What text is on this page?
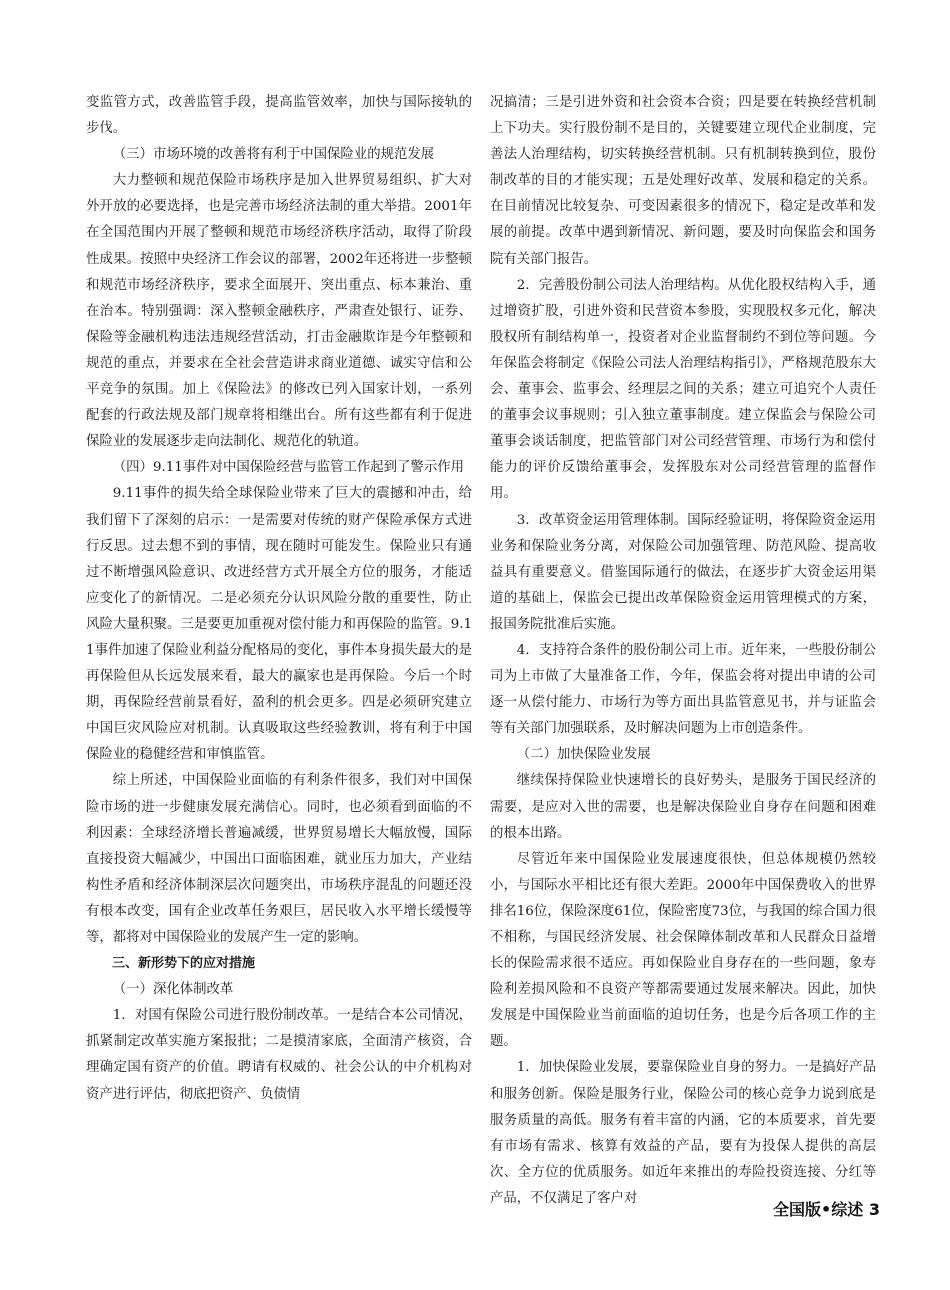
变监管方式，改善监管手段，提高监管效率，加快与国际接轨的步伐。

（三）市场环境的改善将有利于中国保险业的规范发展

大力整顿和规范保险市场秩序是加入世界贸易组织、扩大对外开放的必要选择，也是完善市场经济法制的重大举措。2001年在全国范围内开展了整顿和规范市场经济秩序活动，取得了阶段性成果。按照中央经济工作会议的部署，2002年还将进一步整顿和规范市场经济秩序，要求全面展开、突出重点、标本兼治、重在治本。特别强调：深入整顿金融秩序，严肃查处银行、证券、保险等金融机构违法违规经营活动，打击金融欺诈是今年整顿和规范的重点，并要求在全社会营造讲求商业道德、诚实守信和公平竞争的氛围。加上《保险法》的修改已列入国家计划，一系列配套的行政法规及部门规章将相继出台。所有这些都有利于促进保险业的发展逐步走向法制化、规范化的轨道。

（四）9.11事件对中国保险经营与监管工作起到了警示作用

9.11事件的损失给全球保险业带来了巨大的震撼和冲击，给我们留下了深刻的启示：一是需要对传统的财产保险承保方式进行反思。过去想不到的事情，现在随时可能发生。保险业只有通过不断增强风险意识、改进经营方式开展全方位的服务，才能适应变化了的新情况。二是必须充分认识风险分散的重要性，防止风险大量积聚。三是要更加重视对偿付能力和再保险的监管。9.11事件加速了保险业利益分配格局的变化，事件本身损失最大的是再保险但从长远发展来看，最大的赢家也是再保险。今后一个时期，再保险经营前景看好，盈利的机会更多。四是必须研究建立中国巨灾风险应对机制。认真吸取这些经验教训，将有利于中国保险业的稳健经营和审慎监管。

综上所述，中国保险业面临的有利条件很多，我们对中国保险市场的进一步健康发展充满信心。同时，也必须看到面临的不利因素：全球经济增长普遍减缓，世界贸易增长大幅放慢，国际直接投资大幅减少，中国出口面临困难，就业压力加大，产业结构性矛盾和经济体制深层次问题突出，市场秩序混乱的问题还没有根本改变，国有企业改革任务艰巨，居民收入水平增长缓慢等等，都将对中国保险业的发展产生一定的影响。

三、新形势下的应对措施

（一）深化体制改革

1．对国有保险公司进行股份制改革。一是结合本公司情况，抓紧制定改革实施方案报批；二是摸清家底，全面清产核资，合理确定国有资产的价值。聘请有权威的、社会公认的中介机构对资产进行评估，彻底把资产、负债情

况搞清；三是引进外资和社会资本合资；四是要在转换经营机制上下功夫。实行股份制不是目的，关键要建立现代企业制度，完善法人治理结构，切实转换经营机制。只有机制转换到位，股份制改革的目的才能实现；五是处理好改革、发展和稳定的关系。在目前情况比较复杂、可变因素很多的情况下，稳定是改革和发展的前提。改革中遇到新情况、新问题，要及时向保监会和国务院有关部门报告。

2．完善股份制公司法人治理结构。从优化股权结构入手，通过增资扩股，引进外资和民营资本参股，实现股权多元化，解决股权所有制结构单一，投资者对企业监督制约不到位等问题。今年保监会将制定《保险公司法人治理结构指引》，严格规范股东大会、董事会、监事会、经理层之间的关系；建立可追究个人责任的董事会议事规则；引入独立董事制度。建立保监会与保险公司董事会谈话制度，把监管部门对公司经营管理、市场行为和偿付能力的评价反馈给董事会，发挥股东对公司经营管理的监督作用。

3．改革资金运用管理体制。国际经验证明，将保险资金运用业务和保险业务分离，对保险公司加强管理、防范风险、提高收益具有重要意义。借鉴国际通行的做法，在逐步扩大资金运用渠道的基础上，保监会已提出改革保险资金运用管理模式的方案，报国务院批准后实施。

4．支持符合条件的股份制公司上市。近年来，一些股份制公司为上市做了大量准备工作，今年，保监会将对提出申请的公司逐一从偿付能力、市场行为等方面出具监管意见书，并与证监会等有关部门加强联系，及时解决问题为上市创造条件。

（二）加快保险业发展

继续保持保险业快速增长的良好势头，是服务于国民经济的需要，是应对入世的需要，也是解决保险业自身存在问题和困难的根本出路。

尽管近年来中国保险业发展速度很快，但总体规模仍然较小，与国际水平相比还有很大差距。2000年中国保费收入的世界排名16位，保险深度61位，保险密度73位，与我国的综合国力很不相称，与国民经济发展、社会保障体制改革和人民群众日益增长的保险需求很不适应。再如保险业自身存在的一些问题，象寿险利差损风险和不良资产等都需要通过发展来解决。因此，加快发展是中国保险业当前面临的迫切任务，也是今后各项工作的主题。

1．加快保险业发展，要靠保险业自身的努力。一是搞好产品和服务创新。保险是服务行业，保险公司的核心竞争力说到底是服务质量的高低。服务有着丰富的内涵，它的本质要求，首先要有市场有需求、核算有效益的产品，要有为投保人提供的高层次、全方位的优质服务。如近年来推出的寿险投资连接、分红等产品，不仅满足了客户对

全国版•综述 3
